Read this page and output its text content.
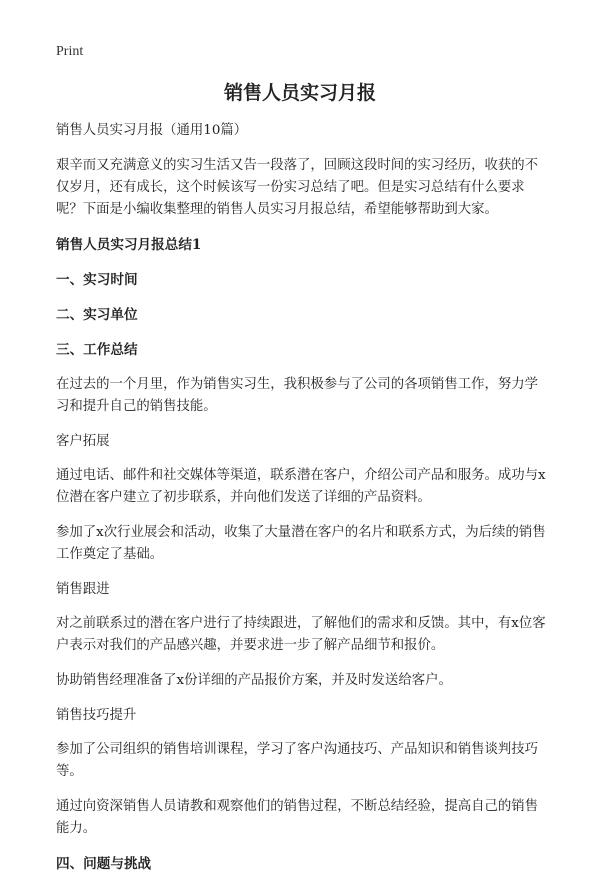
Print
销售人员实习月报

销售人员实习月报（通用10篇）

艰辛而又充满意义的实习生活又告一段落了，回顾这段时间的实习经历，收获的不仅岁月，还有成长，这个时候该写一份实习总结了吧。但是实习总结有什么要求呢？下面是小编收集整理的销售人员实习月报总结，希望能够帮助到大家。

销售人员实习月报总结1
一、实习时间
二、实习单位
三、工作总结

在过去的一个月里，作为销售实习生，我积极参与了公司的各项销售工作，努力学习和提升自己的销售技能。

客户拓展

通过电话、邮件和社交媒体等渠道，联系潜在客户，介绍公司产品和服务。成功与x位潜在客户建立了初步联系，并向他们发送了详细的产品资料。

参加了x次行业展会和活动，收集了大量潜在客户的名片和联系方式，为后续的销售工作奠定了基础。

销售跟进

对之前联系过的潜在客户进行了持续跟进，了解他们的需求和反馈。其中，有x位客户表示对我们的产品感兴趣，并要求进一步了解产品细节和报价。

协助销售经理准备了x份详细的产品报价方案，并及时发送给客户。

销售技巧提升

参加了公司组织的销售培训课程，学习了客户沟通技巧、产品知识和销售谈判技巧等。

通过向资深销售人员请教和观察他们的销售过程，不断总结经验，提高自己的销售能力。

四、问题与挑战
